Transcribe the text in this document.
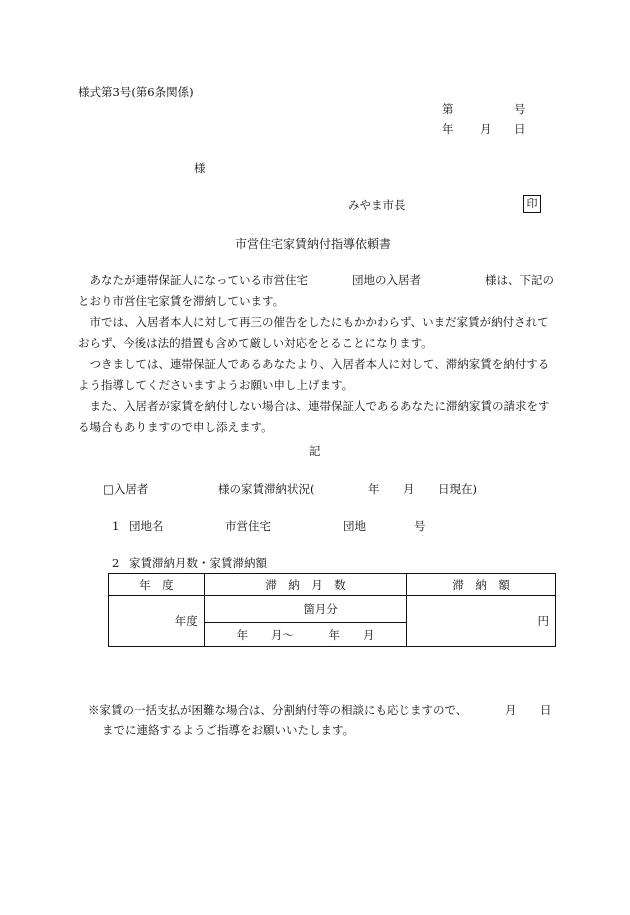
様式第3号(第6条関係)
第	号
年 月 日
様
みやま市長	印
市営住宅家賃納付指導依頼書

あなたが連帯保証人になっている市営住宅	団地の入居者	様は、下記のとおり市営住宅家賃を滞納しています。

市では、入居者本人に対して再三の催告をしたにもかかわらず、いまだ家賃が納付されておらず、今後は法的措置も含めて厳しい対応をとることになります。

つきましては、連帯保証人であるあなたより、入居者本人に対して、滞納家賃を納付するよう指導してくださいますようお願い申し上げます。

また、入居者が家賃を納付しない場合は、連帯保証人であるあなたに滞納家賃の請求をする場合もありますので申し添えます。

記
□入居者	様の家賃滞納状況(	年 月 日現在)
1 団地名	市営住宅	団地	号
2 家賃滞納月数・家賃滞納額
年　度	滞　納　月　数	滞　納　額
年度	箇月分	円
	年　　月〜　　　年　　月	
※家賃の一括支払が困難な場合は、分割納付等の相談にも応じますので、	月 日
までに連絡するようご指導をお願いいたします。
